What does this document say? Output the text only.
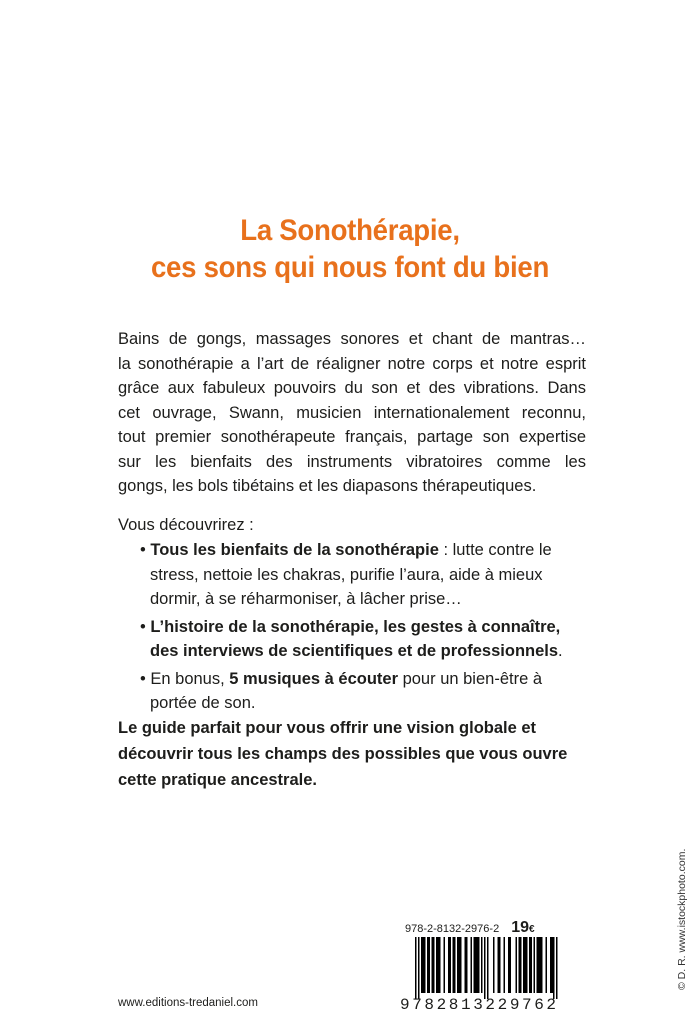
La Sonothérapie,
ces sons qui nous font du bien
Bains de gongs, massages sonores et chant de mantras…
la sonothérapie a l’art de réaligner notre corps et notre esprit
grâce aux fabuleux pouvoirs du son et des vibrations. Dans
cet ouvrage, Swann, musicien internationalement reconnu,
tout premier sonothérapeute français, partage son expertise
sur les bienfaits des instruments vibratoires comme les
gongs, les bols tibétains et les diapasons thérapeutiques.
Vous découvrirez :
• Tous les bienfaits de la sonothérapie : lutte contre le
stress, nettoie les chakras, purifie l’aura, aide à mieux
dormir, à se réharmoniser, à lâcher prise…
• L’histoire de la sonothérapie, les gestes à connaître,
des interviews de scientifiques et de professionnels.
• En bonus, 5 musiques à écouter pour un bien-être à
portée de son.
Le guide parfait pour vous offrir une vision globale et
découvrir tous les champs des possibles que vous ouvre
cette pratique ancestrale.
978-2-8132-2976-2 19€
9782813229762
www.editions-tredaniel.com
© D. R. www.istockphoto.com.
